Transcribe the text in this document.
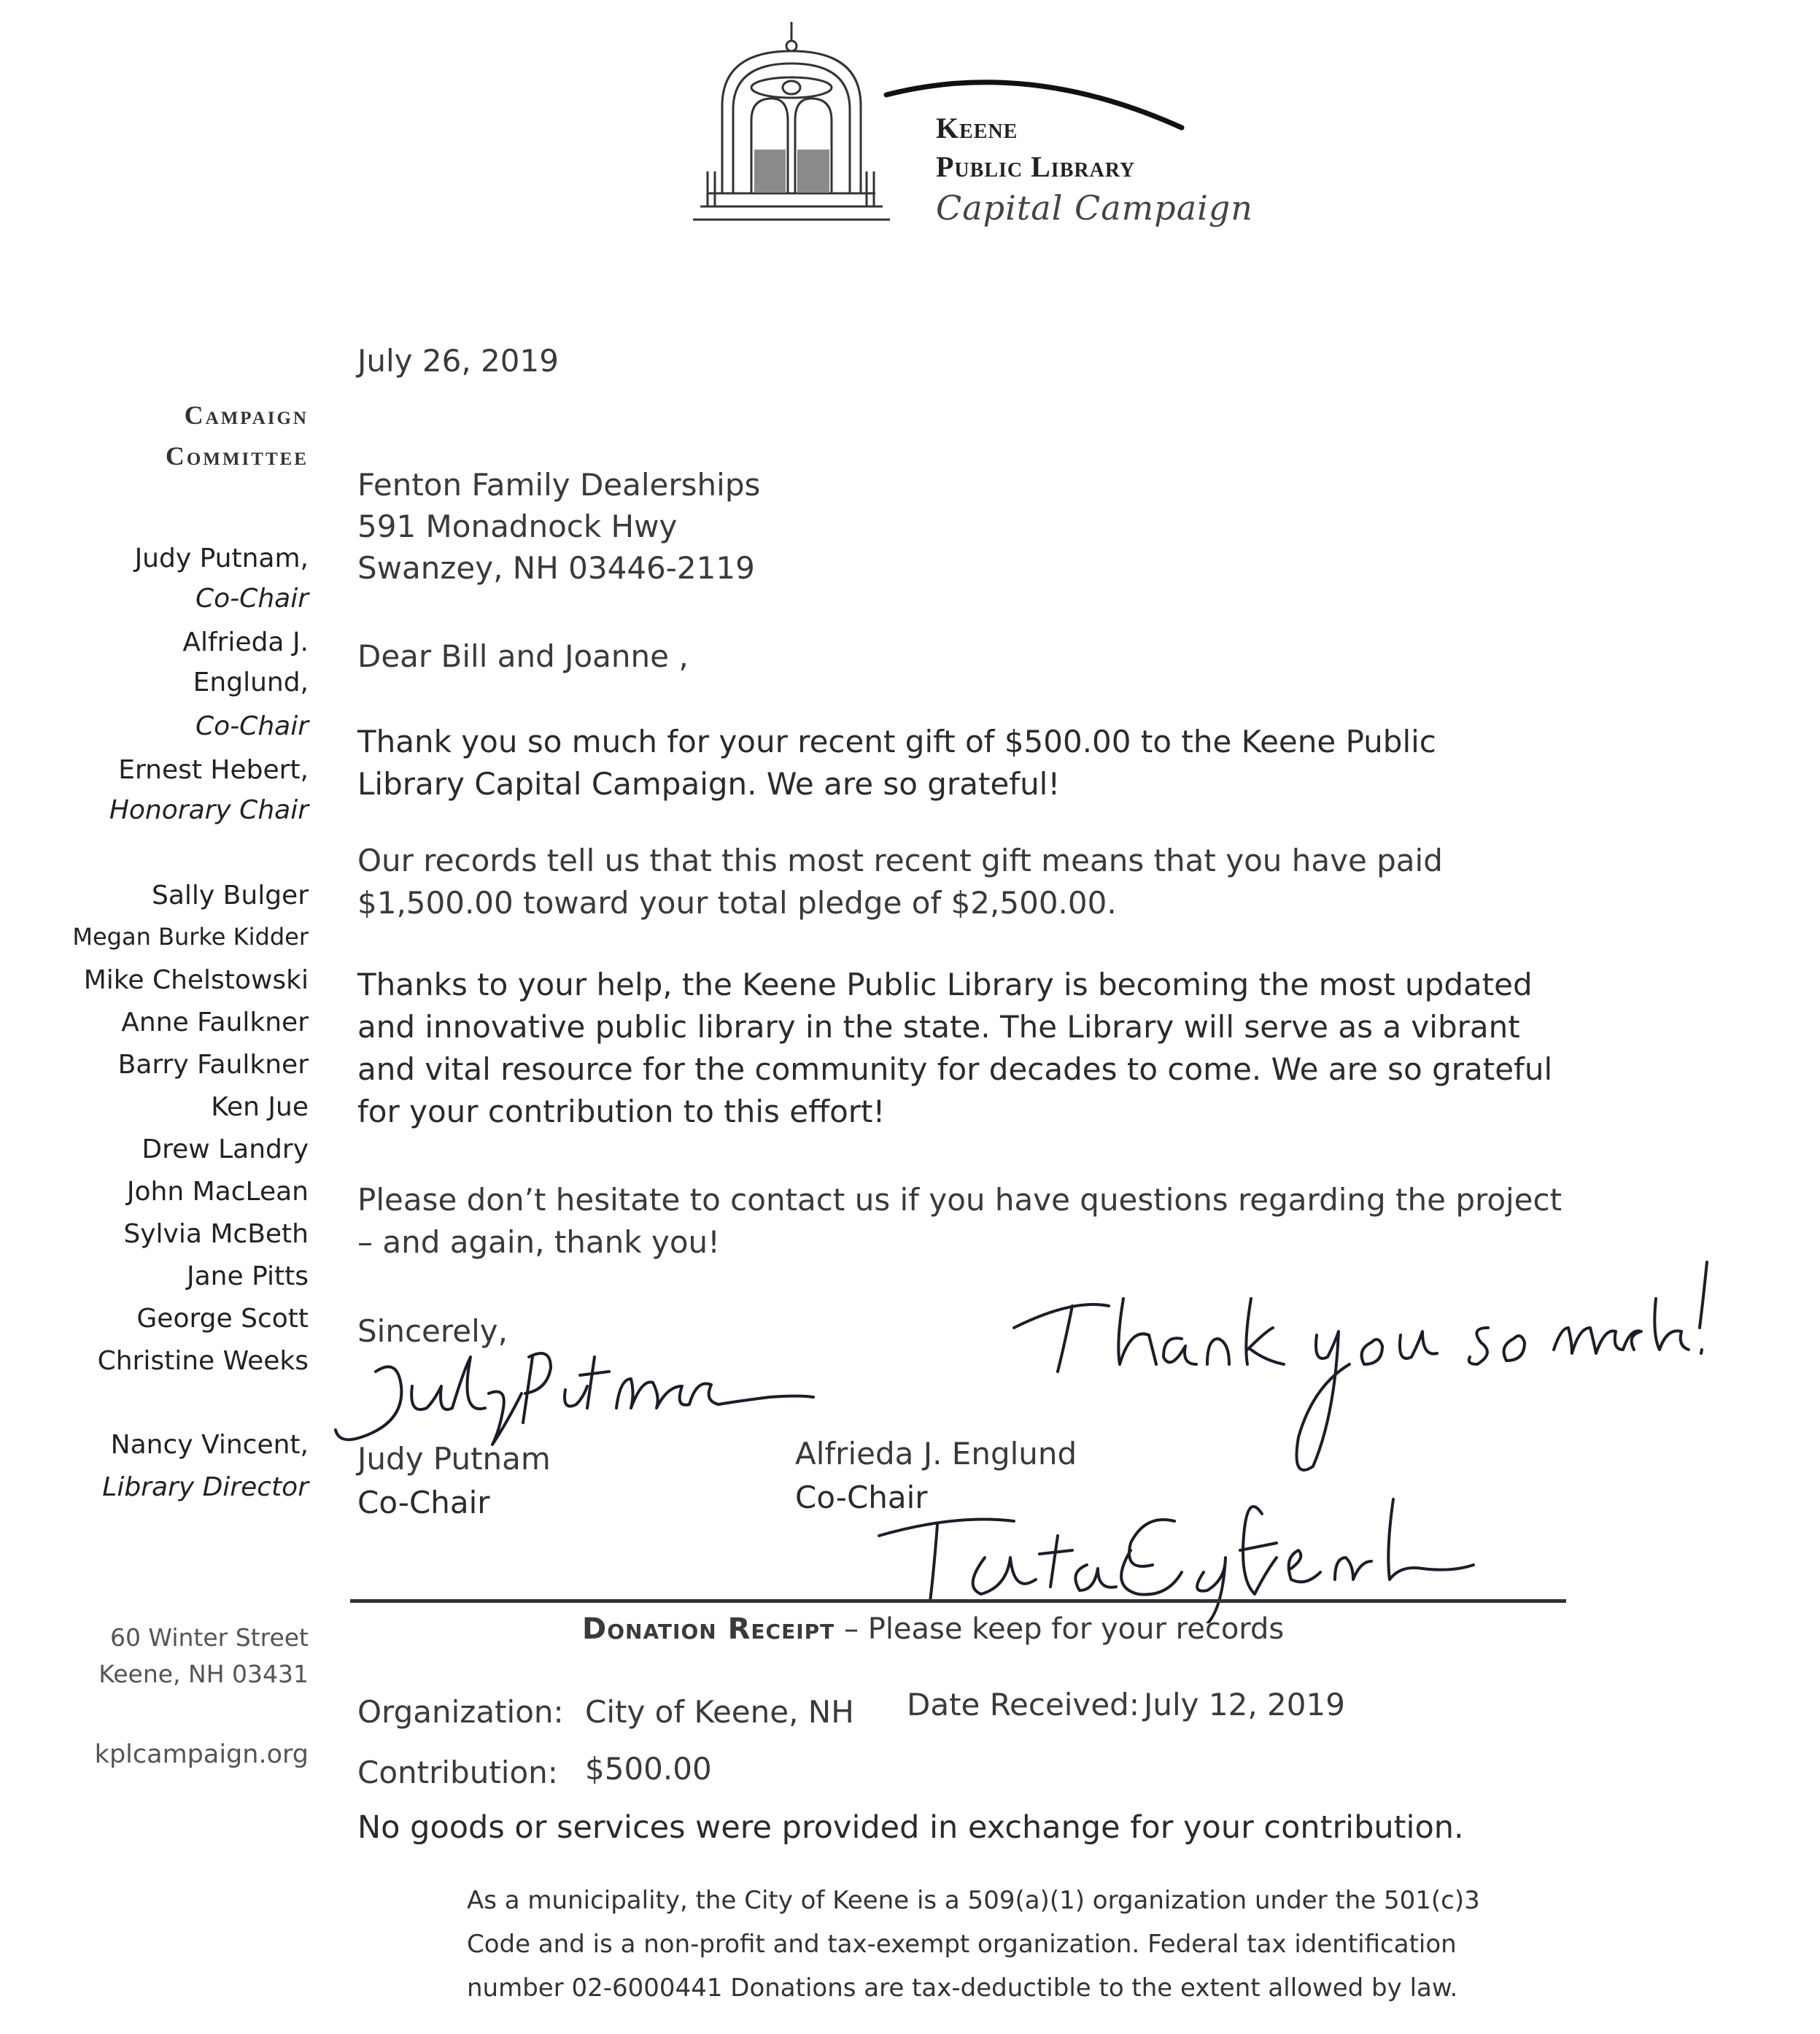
Keene
Public Library
Capital Campaign
Campaign
Committee
Judy Putnam,
Co-Chair
Alfrieda J.
Englund,
Co-Chair
Ernest Hebert,
Honorary Chair
Sally Bulger
Megan Burke Kidder
Mike Chelstowski
Anne Faulkner
Barry Faulkner
Ken Jue
Drew Landry
John MacLean
Sylvia McBeth
Jane Pitts
George Scott
Christine Weeks
Nancy Vincent,
Library Director
60 Winter Street
Keene, NH 03431
kplcampaign.org
July 26, 2019
Fenton Family Dealerships
591 Monadnock Hwy
Swanzey, NH 03446-2119
Dear Bill and Joanne ,
Thank you so much for your recent gift of $500.00 to the Keene Public
Library Capital Campaign. We are so grateful!
Our records tell us that this most recent gift means that you have paid
$1,500.00 toward your total pledge of $2,500.00.
Thanks to your help, the Keene Public Library is becoming the most updated
and innovative public library in the state. The Library will serve as a vibrant
and vital resource for the community for decades to come. We are so grateful
for your contribution to this effort!
Please don’t hesitate to contact us if you have questions regarding the project
– and again, thank you!
Sincerely,
Judy Putnam
Co-Chair
Alfrieda J. Englund
Co-Chair
Donation Receipt – Please keep for your records
Organization: City of Keene, NH Date Received: July 12, 2019
Contribution: $500.00
No goods or services were provided in exchange for your contribution.
As a municipality, the City of Keene is a 509(a)(1) organization under the 501(c)3
Code and is a non-profit and tax-exempt organization. Federal tax identification
number 02-6000441 Donations are tax-deductible to the extent allowed by law.
